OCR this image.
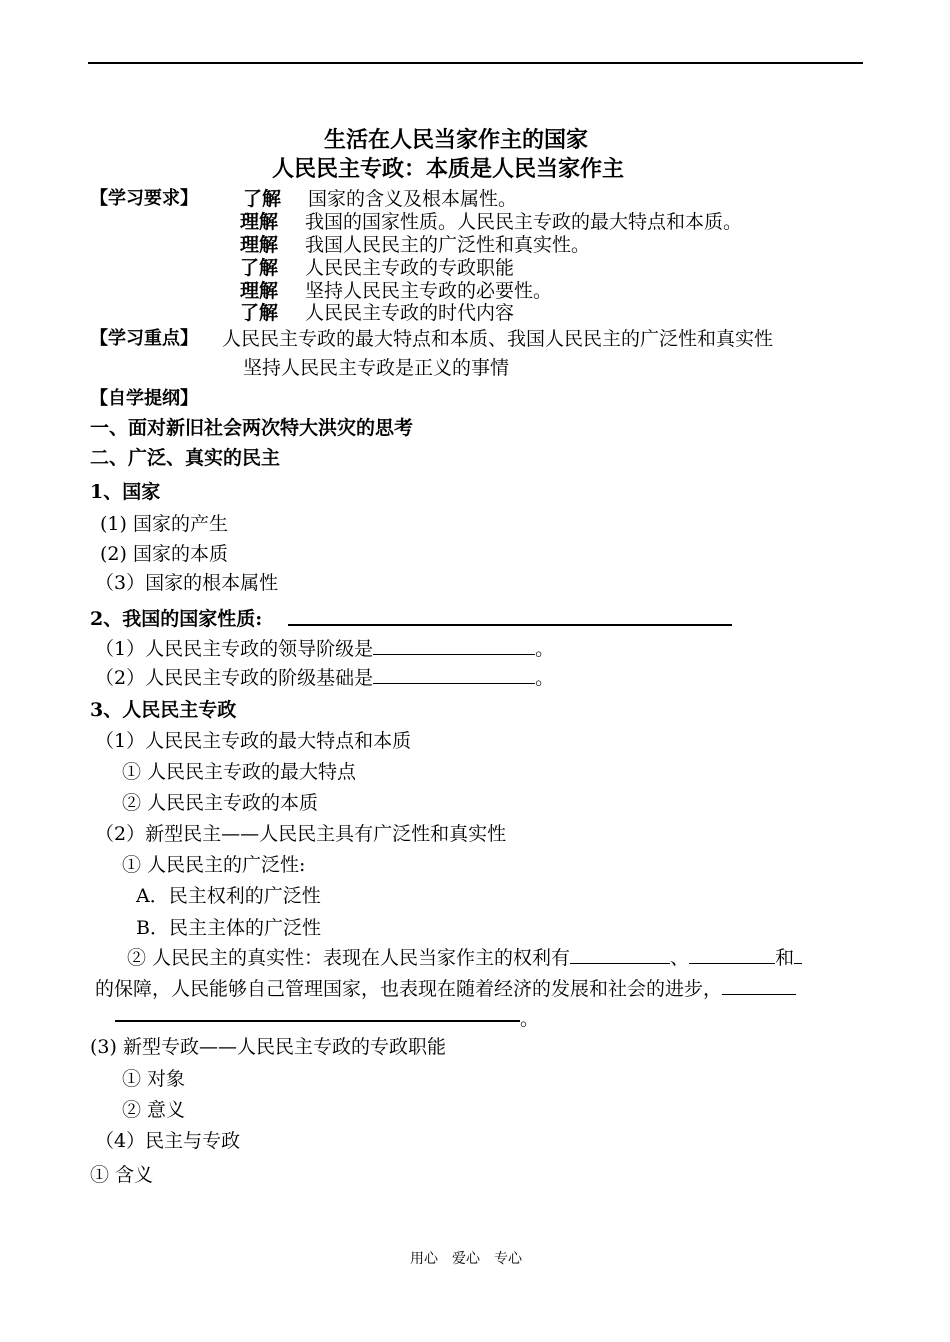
生活在人民当家作主的国家
人民民主专政：本质是人民当家作主
【学习要求】 了解 国家的含义及根本属性。
理解 我国的国家性质。人民民主专政的最大特点和本质。
理解 我国人民民主的广泛性和真实性。
了解 人民民主专政的专政职能
理解 坚持人民民主专政的必要性。
了解 人民民主专政的时代内容
【学习重点】 人民民主专政的最大特点和本质、我国人民民主的广泛性和真实性
坚持人民民主专政是正义的事情
【自学提纲】
一、面对新旧社会两次特大洪灾的思考
二、广泛、真实的民主
1、国家
(1) 国家的产生
(2) 国家的本质
（3）国家的根本属性
2、我国的国家性质:
（1）人民民主专政的领导阶级是	。
（2）人民民主专政的阶级基础是	。
3、人民民主专政
（1）人民民主专政的最大特点和本质
① 人民民主专政的最大特点
② 人民民主专政的本质
（2）新型民主——人民民主具有广泛性和真实性
① 人民民主的广泛性:
A．民主权利的广泛性
B．民主主体的广泛性
② 人民民主的真实性：表现在人民当家作主的权利有	、	和
的保障，人民能够自己管理国家，也表现在随着经济的发展和社会的进步，
。
(3) 新型专政——人民民主专政的专政职能
① 对象
② 意义
（4）民主与专政
① 含义
用心　爱心　专心
